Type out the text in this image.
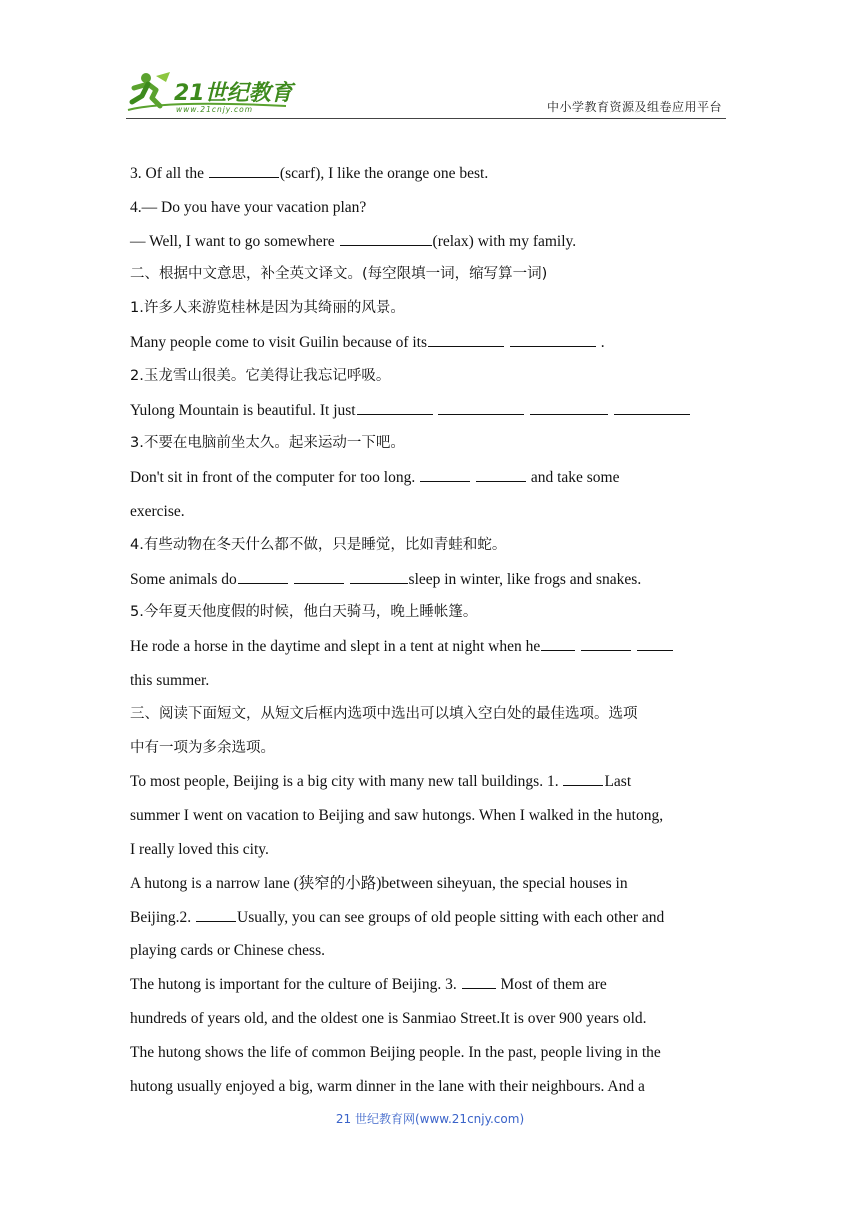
21世纪教育
www.21cnjy.com	中小学教育资源及组卷应用平台
3. Of all the	(scarf), I like the orange one best.
4.— Do you have your vacation plan?
— Well, I want to go somewhere	(relax) with my family.
二、根据中文意思，补全英文译文。(每空限填一词，缩写算一词)
1.许多人来游览桂林是因为其绮丽的风景。
Many people come to visit Guilin because of its	.
2.玉龙雪山很美。它美得让我忘记呼吸。
Yulong Mountain is beautiful. It just
3.不要在电脑前坐太久。起来运动一下吧。
Don't sit in front of the computer for too long.	and take some
exercise.
4.有些动物在冬天什么都不做，只是睡觉，比如青蛙和蛇。
Some animals do	sleep in winter, like frogs and snakes.
5.今年夏天他度假的时候，他白天骑马，晚上睡帐篷。
He rode a horse in the daytime and slept in a tent at night when he
this summer.
三、阅读下面短文，从短文后框内选项中选出可以填入空白处的最佳选项。选项
中有一项为多余选项。
To most people, Beijing is a big city with many new tall buildings. 1.	Last
summer I went on vacation to Beijing and saw hutongs. When I walked in the hutong,
I really loved this city.
A hutong is a narrow lane (狭窄的小路)between siheyuan, the special houses in
Beijing.2.	Usually, you can see groups of old people sitting with each other and
playing cards or Chinese chess.
The hutong is important for the culture of Beijing. 3.  Most of them are
hundreds of years old, and the oldest one is Sanmiao Street.It is over 900 years old.
The hutong shows the life of common Beijing people. In the past, people living in the
hutong usually enjoyed a big, warm dinner in the lane with their neighbours. And a
21 世纪教育网(www.21cnjy.com)
